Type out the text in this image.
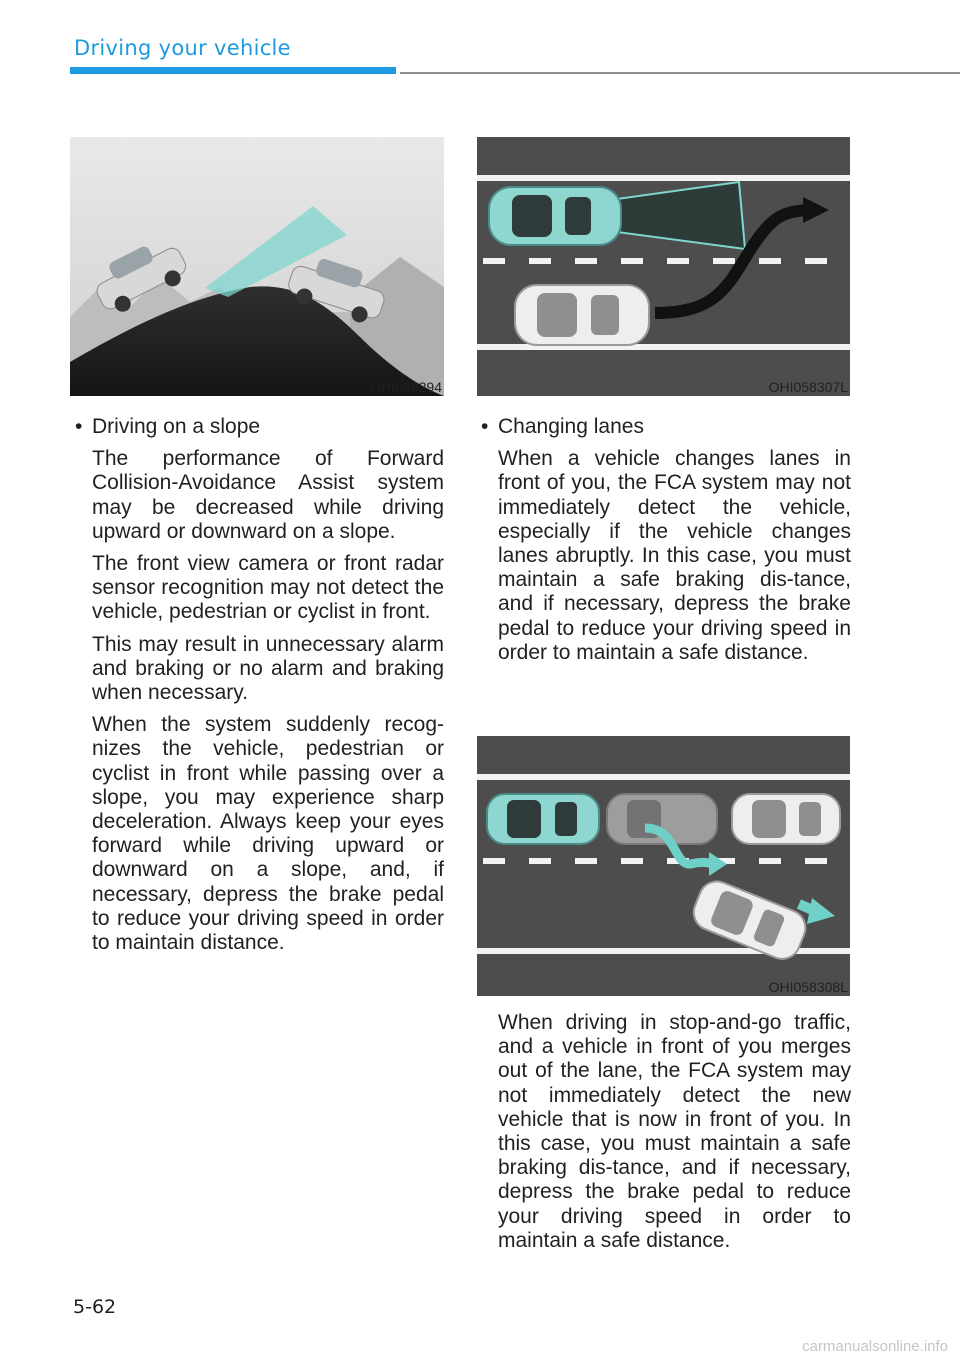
Driving your vehicle
OHI058294	OHI058307L
OHI058308L

• Driving on a slope

The performance of Forward Collision-Avoidance Assist system may be decreased while driving upward or downward on a slope.

The front view camera or front radar sensor recognition may not detect the vehicle, pedestrian or cyclist in front.

This may result in unnecessary alarm and braking or no alarm and braking when necessary.

When the system suddenly recog-nizes the vehicle, pedestrian or cyclist in front while passing over a slope, you may experience sharp deceleration. Always keep your eyes forward while driving upward or downward on a slope, and, if necessary, depress the brake pedal to reduce your driving speed in order to maintain distance.

• Changing lanes

When a vehicle changes lanes in front of you, the FCA system may not immediately detect the vehicle, especially if the vehicle changes lanes abruptly. In this case, you must maintain a safe braking dis-tance, and if necessary, depress the brake pedal to reduce your driving speed in order to maintain a safe distance.

When driving in stop-and-go traffic, and a vehicle in front of you merges out of the lane, the FCA system may not immediately detect the new vehicle that is now in front of you. In this case, you must maintain a safe braking dis-tance, and if necessary, depress the brake pedal to reduce your driving speed in order to maintain a safe distance.

5-62
carmanualsonline.info
